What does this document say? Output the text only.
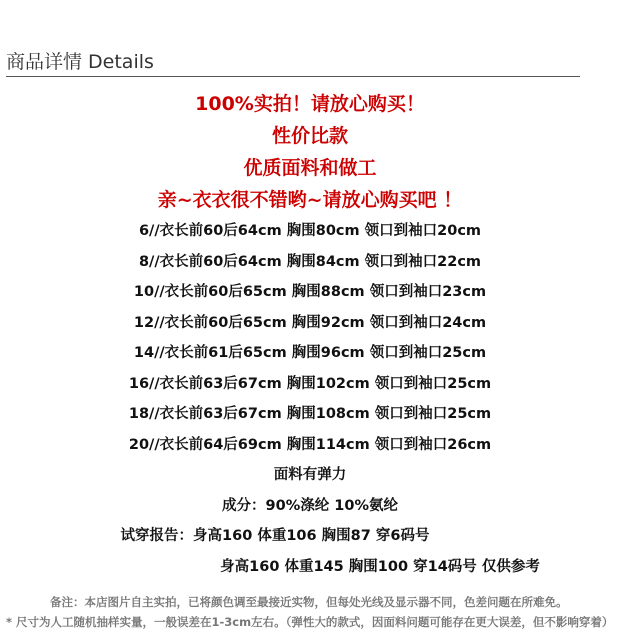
商品详情 Details
100%实拍！请放心购买！
性价比款
优质面料和做工
亲~衣衣很不错哟~请放心购买吧 ！
6//衣长前60后64cm 胸围80cm 领口到袖口20cm
8//衣长前60后64cm 胸围84cm 领口到袖口22cm
10//衣长前60后65cm 胸围88cm 领口到袖口23cm
12//衣长前60后65cm 胸围92cm 领口到袖口24cm
14//衣长前61后65cm 胸围96cm 领口到袖口25cm
16//衣长前63后67cm 胸围102cm 领口到袖口25cm
18//衣长前63后67cm 胸围108cm 领口到袖口25cm
20//衣长前64后69cm 胸围114cm 领口到袖口26cm
面料有弹力
成分：90%涤纶 10%氨纶
试穿报告：身高160 体重106 胸围87 穿6码号
身高160 体重145 胸围100 穿14码号 仅供参考
备注：本店图片自主实拍，已将颜色调至最接近实物，但每处光线及显示器不同，色差问题在所难免。
* 尺寸为人工随机抽样实量，一般误差在1-3cm左右。（弹性大的款式，因面料问题可能存在更大误差，但不影响穿着）
